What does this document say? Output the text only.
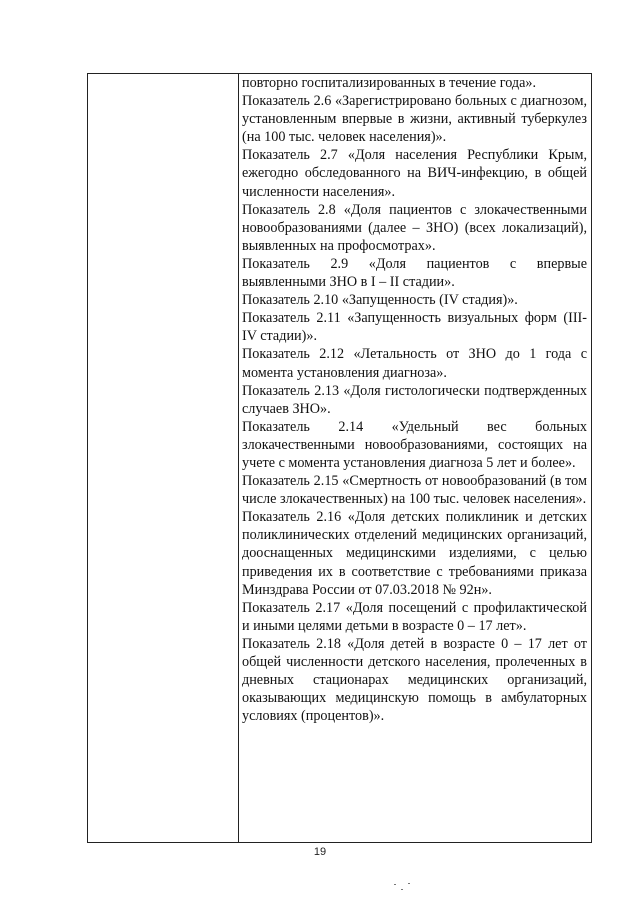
повторно госпитализированных в течение года».

Показатель 2.6 «Зарегистрировано больных с диагнозом, установленным впервые в жизни, активный туберкулез (на 100 тыс. человек населения)».

Показатель 2.7 «Доля населения Республики Крым, ежегодно обследованного на ВИЧ-инфекцию, в общей численности населения».

Показатель 2.8 «Доля пациентов с злокачественными новообразованиями (далее – ЗНО) (всех локализаций), выявленных на профосмотрах».

Показатель 2.9 «Доля пациентов с впервые выявленными ЗНО в I – II стадии».

Показатель 2.10 «Запущенность (IV стадия)».

Показатель 2.11 «Запущенность визуальных форм (III-IV стадии)».

Показатель 2.12 «Летальность от ЗНО до 1 года с момента установления диагноза».

Показатель 2.13 «Доля гистологически подтвержденных случаев ЗНО».

Показатель 2.14 «Удельный вес больных злокачественными новообразованиями, состоящих на учете с момента установления диагноза 5 лет и более».

Показатель 2.15 «Смертность от новообразований (в том числе злокачественных) на 100 тыс. человек населения».

Показатель 2.16 «Доля детских поликлиник и детских поликлинических отделений медицинских организаций, дооснащенных медицинскими изделиями, с целью приведения их в соответствие с требованиями приказа Минздрава России от 07.03.2018 № 92н».

Показатель 2.17 «Доля посещений с профилактической и иными целями детьми в возрасте 0 – 17 лет».

Показатель 2.18 «Доля детей в возрасте 0 – 17 лет от общей численности детского населения, пролеченных в дневных стационарах медицинских организаций, оказывающих медицинскую помощь в амбулаторных условиях (процентов)».

19
